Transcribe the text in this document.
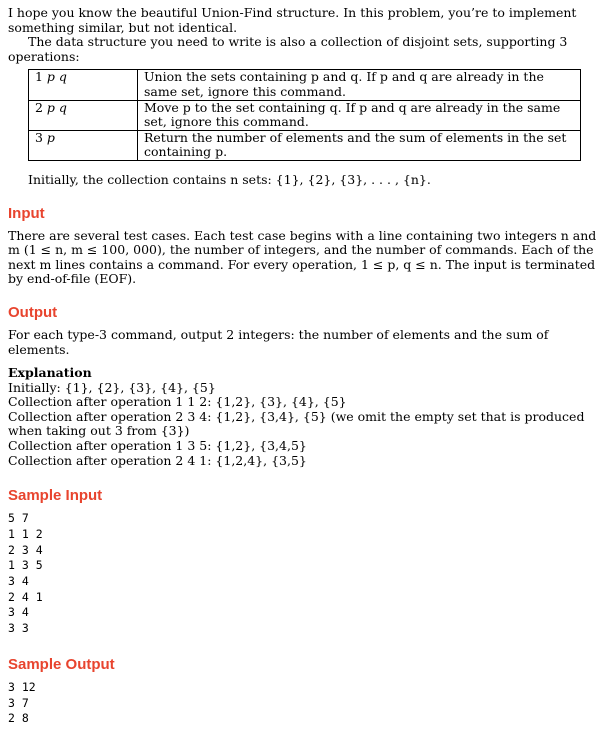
I hope you know the beautiful Union-Find structure. In this problem, you’re to implement something similar, but not identical.

The data structure you need to write is also a collection of disjoint sets, supporting 3 operations:

1 p q	Union the sets containing p and q. If p and q are already in the same set, ignore this command.
2 p q	Move p to the set containing q. If p and q are already in the same set, ignore this command.
3 p	Return the number of elements and the sum of elements in the set containing p.

Initially, the collection contains n sets: {1}, {2}, {3}, . . . , {n}.

Input

There are several test cases. Each test case begins with a line containing two integers n and m (1 ≤ n, m ≤ 100, 000), the number of integers, and the number of commands. Each of the next m lines contains a command. For every operation, 1 ≤ p, q ≤ n. The input is terminated by end-of-file (EOF).

Output

For each type-3 command, output 2 integers: the number of elements and the sum of elements.

Explanation

Initially: {1}, {2}, {3}, {4}, {5}

Collection after operation 1 1 2: {1,2}, {3}, {4}, {5}

Collection after operation 2 3 4: {1,2}, {3,4}, {5} (we omit the empty set that is produced when taking out 3 from {3})

Collection after operation 1 3 5: {1,2}, {3,4,5}

Collection after operation 2 4 1: {1,2,4}, {3,5}

Sample Input

5 7

1 1 2

2 3 4

1 3 5

3 4

2 4 1

3 4

3 3

Sample Output

3 12

3 7

2 8
